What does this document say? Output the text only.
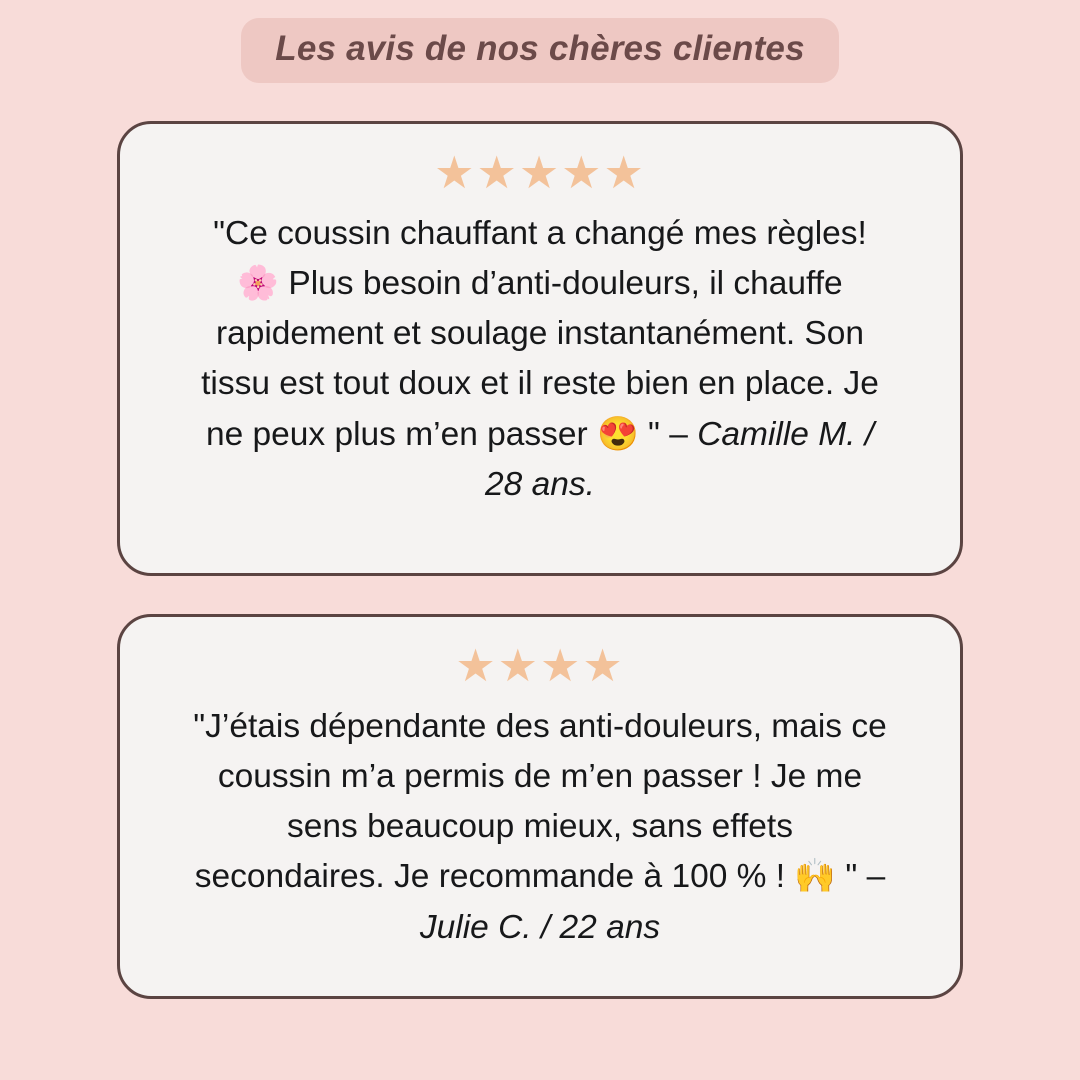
Les avis de nos chères clientes
★★★★★
"Ce coussin chauffant a changé mes règles! 🌸 Plus besoin d’anti-douleurs, il chauffe rapidement et soulage instantanément. Son tissu est tout doux et il reste bien en place. Je ne peux plus m’en passer 😍 " – Camille M. / 28 ans.
★★★★
"J’étais dépendante des anti-douleurs, mais ce coussin m’a permis de m’en passer ! Je me sens beaucoup mieux, sans effets secondaires. Je recommande à 100 % ! 🙌 " – Julie C. / 22 ans
